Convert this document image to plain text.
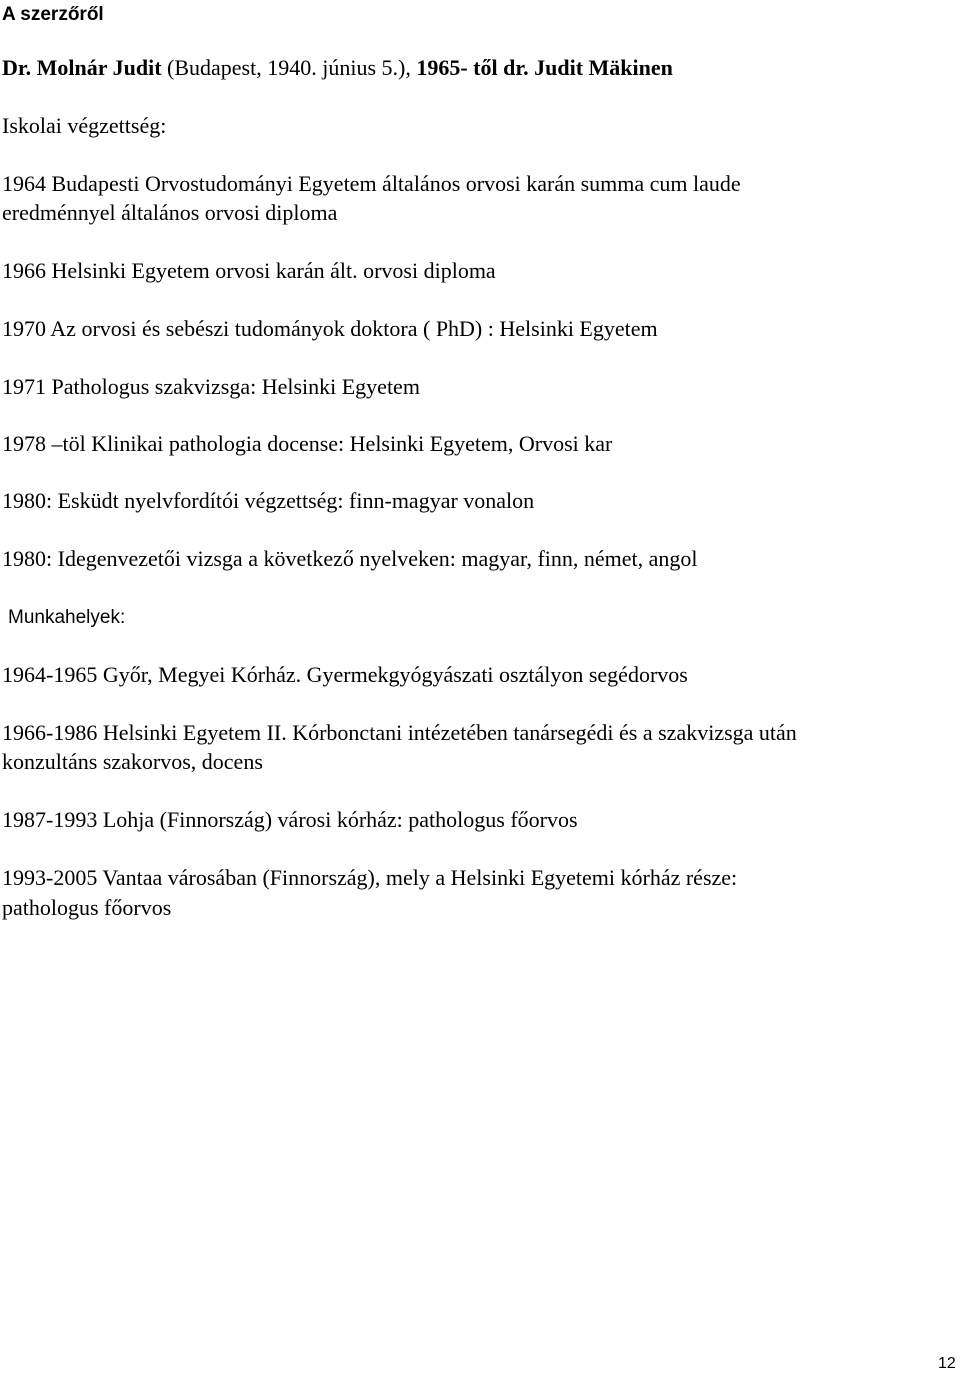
A szerzőről
Dr. Molnár Judit (Budapest, 1940. június 5.), 1965- től dr. Judit Mäkinen
Iskolai végzettség:
1964 Budapesti Orvostudományi Egyetem általános orvosi karán summa cum laude
eredménnyel általános orvosi diploma
1966 Helsinki Egyetem orvosi karán ált. orvosi diploma
1970 Az orvosi és sebészi tudományok doktora ( PhD) : Helsinki Egyetem
1971 Pathologus szakvizsga: Helsinki Egyetem
1978 –töl Klinikai pathologia docense: Helsinki Egyetem, Orvosi kar
1980: Esküdt nyelvfordítói végzettség: finn-magyar vonalon
1980: Idegenvezetői vizsga a következő nyelveken: magyar, finn, német, angol
Munkahelyek:
1964-1965 Győr, Megyei Kórház. Gyermekgyógyászati osztályon segédorvos
1966-1986 Helsinki Egyetem II. Kórbonctani intézetében tanársegédi és a szakvizsga után
konzultáns szakorvos, docens
1987-1993 Lohja (Finnország) városi kórház: pathologus főorvos
1993-2005 Vantaa városában (Finnország), mely a Helsinki Egyetemi kórház része:
pathologus főorvos
12
